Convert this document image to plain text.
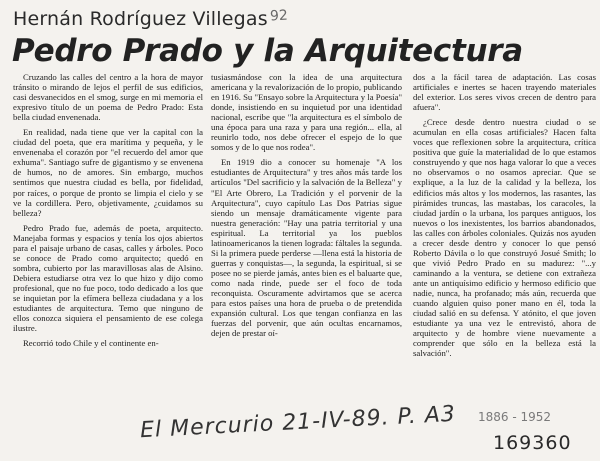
Hernán Rodríguez Villegas 92
Pedro Prado y la Arquitectura

Cruzando las calles del centro a la hora de mayor tránsito o mirando de lejos el perfil de sus edificios, casi desvanecidos en el smog, surge en mi memoria el expresivo título de un poema de Pedro Prado: Esta bella ciudad envenenada.

En realidad, nada tiene que ver la capital con la ciudad del poeta, que era marítima y pequeña, y le envenenaba el corazón por "el recuerdo del amor que exhuma". Santiago sufre de gigantismo y se envenena de humos, no de amores. Sin embargo, muchos sentimos que nuestra ciudad es bella, por fidelidad, por raíces, o porque de pronto se limpia el cielo y se ve la cordillera. Pero, objetivamente, ¿cuidamos su belleza?

Pedro Prado fue, además de poeta, arquitecto. Manejaba formas y espacios y tenía los ojos abiertos para el paisaje urbano de casas, calles y árboles. Poco se conoce de Prado como arquitecto; quedó en sombra, cubierto por las maravillosas alas de Alsino. Debiera estudiarse otra vez lo que hizo y dijo como profesional, que no fue poco, todo dedicado a los que se inquietan por la efímera belleza ciudadana y a los estudiantes de arquitectura. Temo que ninguno de ellos conozca siquiera el pensamiento de ese colega ilustre.

Recorrió todo Chile y el continente en-

tusiasmándose con la idea de una arquitectura americana y la revalorización de lo propio, publicando en 1916. Su "Ensayo sobre la Arquitectura y la Poesía" donde, insistiendo en su inquietud por una identidad nacional, escribe que "la arquitectura es el símbolo de una época para una raza y para una región... ella, al reunirlo todo, nos debe ofrecer el espejo de lo que somos y de lo que nos rodea".

En 1919 dio a conocer su homenaje "A los estudiantes de Arquitectura" y tres años más tarde los artículos "Del sacrificio y la salvación de la Belleza" y "El Arte Obrero, La Tradición y el porvenir de la Arquitectura", cuyo capítulo Las Dos Patrias sigue siendo un mensaje dramáticamente vigente para nuestra generación: "Hay una patria territorial y una espiritual. La territorial ya los pueblos latinoamericanos la tienen lograda: fáltales la segunda. Si la primera puede perderse —llena está la historia de guerras y conquistas—, la segunda, la espiritual, si se posee no se pierde jamás, antes bien es el baluarte que, como nada rinde, puede ser el foco de toda reconquista. Oscuramente advirtamos que se acerca para estos países una hora de prueba o de pretendida expansión cultural. Los que tengan confianza en las fuerzas del porvenir, que aún ocultas encarnamos, dejen de prestar oí-

dos a la fácil tarea de adaptación. Las cosas artificiales e inertes se hacen trayendo materiales del exterior. Los seres vivos crecen de dentro para afuera".

¿Crece desde dentro nuestra ciudad o se acumulan en ella cosas artificiales? Hacen falta voces que reflexionen sobre la arquitectura, crítica positiva que guíe la materialidad de lo que estamos construyendo y que nos haga valorar lo que a veces no observamos o no osamos apreciar. Que se explique, a la luz de la calidad y la belleza, los edificios más altos y los modernos, las rasantes, las pirámides truncas, las mastabas, los caracoles, la ciudad jardín o la urbana, los parques antiguos, los nuevos o los inexistentes, los barrios abandonados, las calles con árboles coloniales. Quizás nos ayuden a crecer desde dentro y conocer lo que pensó Roberto Dávila o lo que construyó Josué Smith; lo que vivió Pedro Prado en su madurez: "...y caminando a la ventura, se detiene con extrañeza ante un antiquísimo edificio y hermoso edificio que nadie, nunca, ha profanado; más aún, recuerda que cuando alguien quiso poner mano en él, toda la ciudad salió en su defensa. Y atónito, el que joven estudiante ya una vez le entrevistó, ahora de arquitecto y de hombre viene nuevamente a comprender que sólo en la belleza está la salvación".

El Mercurio 21-IV-89. P. A3 1886 - 1952
169360
